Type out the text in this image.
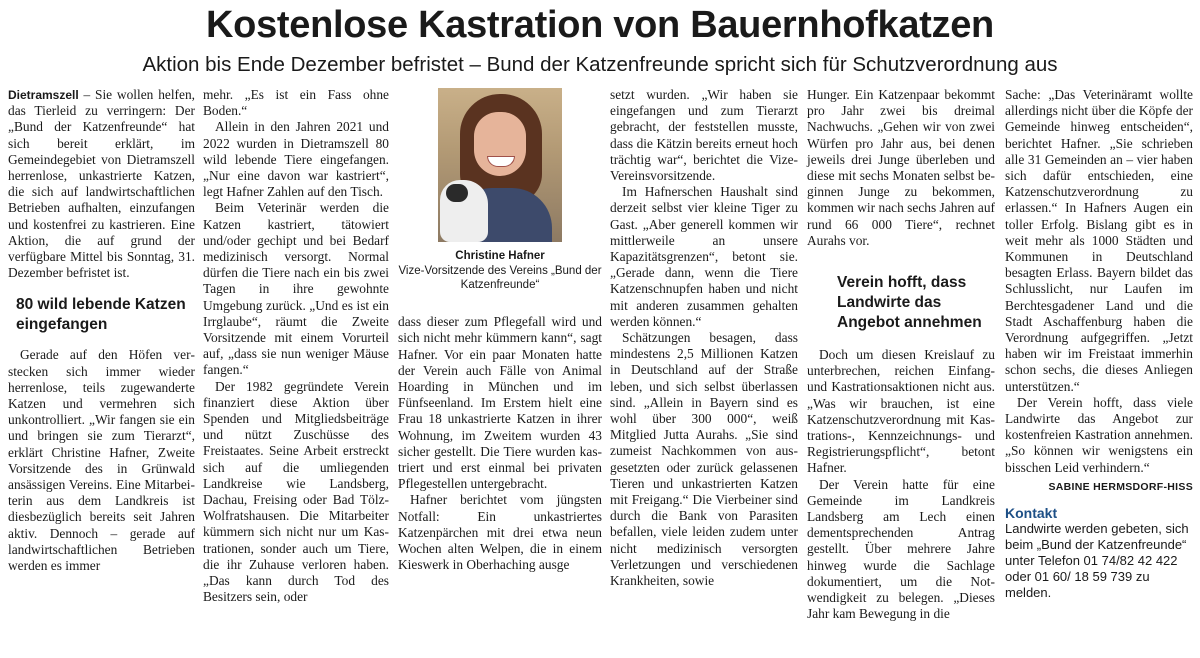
Kostenlose Kastration von Bauernhofkatzen
Aktion bis Ende Dezember befristet – Bund der Katzenfreunde spricht sich für Schutzverordnung aus

Dietramszell – Sie wollen helfen, das Tierleid zu verringern: Der „Bund der Katzenfreunde“ hat sich bereit erklärt, im Gemeindegebiet von Dietramszell herrenlose, unkastrierte Katzen, die sich auf landwirtschaftlichen Betrieben aufhalten, einzufangen und kostenfrei zu kastrieren. Eine Aktion, die auf grund der verfügbare Mittel bis Sonntag, 31. Dezember befristet ist.

80 wild lebende Katzen eingefangen

Gerade auf den Höfen verstecken sich immer wieder herrenlose, teils zugewanderte Katzen und vermehren sich unkontrolliert. „Wir fangen sie ein und bringen sie zum Tierarzt“, erklärt Christine Hafner, Zweite Vorsitzende des in Grünwald ansässigen Vereins. Eine Mitarbeiterin aus dem Landkreis ist diesbezüglich bereits seit Jahren aktiv. Dennoch – gerade auf landwirtschaftlichen Betrieben werden es immer

mehr. „Es ist ein Fass ohne Boden.“

Allein in den Jahren 2021 und 2022 wurden in Dietramszell 80 wild lebende Tiere eingefangen. „Nur eine davon war kastriert“, legt Hafner Zahlen auf den Tisch.

Beim Veterinär werden die Katzen kastriert, tätowiert und/oder gechipt und bei Bedarf medizinisch versorgt. Normal dürfen die Tiere nach ein bis zwei Tagen in ihre gewohnte Umgebung zurück. „Und es ist ein Irrglaube“, räumt die Zweite Vorsitzende mit einem Vorurteil auf, „dass sie nun weniger Mäuse fangen.“

Der 1982 gegründete Verein finanziert diese Aktion über Spenden und Mitgliedsbeiträge und nützt Zuschüsse des Freistaates. Seine Arbeit erstreckt sich auf die umliegenden Landkreise wie Landsberg, Dachau, Freising oder Bad Tölz-Wolfratshausen. Die Mitarbeiter kümmern sich nicht nur um Kastrationen, sonder auch um Tiere, die ihr Zuhause verloren haben. „Das kann durch Tod des Besitzers sein, oder

Christine Hafner
Vize-Vorsitzende des Vereins „Bund der Katzenfreunde“

dass dieser zum Pflegefall wird und sich nicht mehr kümmern kann“, sagt Hafner. Vor ein paar Monaten hatte der Verein auch Fälle von Animal Hoarding in München und im Fünfseenland. Im Erstem hielt eine Frau 18 unkastrierte Katzen in ihrer Wohnung, im Zweitem wurden 43 sicher gestellt. Die Tiere wurden kastriert und erst einmal bei privaten Pflegestellen untergebracht.

Hafner berichtet vom jüngsten Notfall: Ein unkastriertes Katzenpärchen mit drei etwa neun Wochen alten Welpen, die in einem Kieswerk in Oberhaching ausge

setzt wurden. „Wir haben sie eingefangen und zum Tierarzt gebracht, der feststellen musste, dass die Kätzin bereits erneut hoch trächtig war“, berichtet die Vize-Vereinsvorsitzende.

Im Hafnerschen Haushalt sind derzeit selbst vier kleine Tiger zu Gast. „Aber generell kommen wir mittlerweile an unsere Kapazitätsgrenzen“, betont sie. „Gerade dann, wenn die Tiere Katzenschnupfen haben und nicht mit anderen zusammen gehalten werden können.“

Schätzungen besagen, dass mindestens 2,5 Millionen Katzen in Deutschland auf der Straße leben, und sich selbst überlassen sind. „Allein in Bayern sind es wohl über 300 000“, weiß Mitglied Jutta Aurahs. „Sie sind zumeist Nachkommen von ausgesetzten oder zurück gelassenen Tieren und unkastrierten Katzen mit Freigang.“ Die Vierbeiner sind durch die Bank von Parasiten befallen, viele leiden zudem unter nicht medizinisch versorgten Verletzungen und verschiedenen Krankheiten, sowie

Hunger. Ein Katzenpaar bekommt pro Jahr zwei bis dreimal Nachwuchs. „Gehen wir von zwei Würfen pro Jahr aus, bei denen jeweils drei Junge überleben und diese mit sechs Monaten selbst beginnen Junge zu bekommen, kommen wir nach sechs Jahren auf rund 66 000 Tiere“, rechnet Aurahs vor.

Verein hofft, dass Landwirte das Angebot annehmen

Doch um diesen Kreislauf zu unterbrechen, reichen Einfang- und Kastrationsaktionen nicht aus. „Was wir brauchen, ist eine Katzenschutzverordnung mit Kastrations-, Kennzeichnungs- und Registrierungspflicht“, betont Hafner.

Der Verein hatte für eine Gemeinde im Landkreis Landsberg am Lech einen dementsprechenden Antrag gestellt. Über mehrere Jahre hinweg wurde die Sachlage dokumentiert, um die Notwendigkeit zu belegen. „Dieses Jahr kam Bewegung in die

Sache: „Das Veterinäramt wollte allerdings nicht über die Köpfe der Gemeinde hinweg entscheiden“, berichtet Hafner. „Sie schrieben alle 31 Gemeinden an – vier haben sich dafür entschieden, eine Katzenschutzverordnung zu erlassen.“ In Hafners Augen ein toller Erfolg. Bislang gibt es in weit mehr als 1000 Städten und Kommunen in Deutschland besagten Erlass. Bayern bildet das Schlusslicht, nur Laufen im Berchtesgadener Land und die Stadt Aschaffenburg haben die Verordnung aufgegriffen. „Jetzt haben wir im Freistaat immerhin schon sechs, die dieses Anliegen unterstützen.“

Der Verein hofft, dass viele Landwirte das Angebot zur kostenfreien Kastration annehmen. „So können wir wenigstens ein bisschen Leid verhindern.“

SABINE HERMSDORF-HISS
Kontakt
Landwirte werden gebeten, sich beim „Bund der Katzenfreunde“ unter Telefon 01 74/82 42 422 oder 01 60/ 18 59 739 zu melden.
